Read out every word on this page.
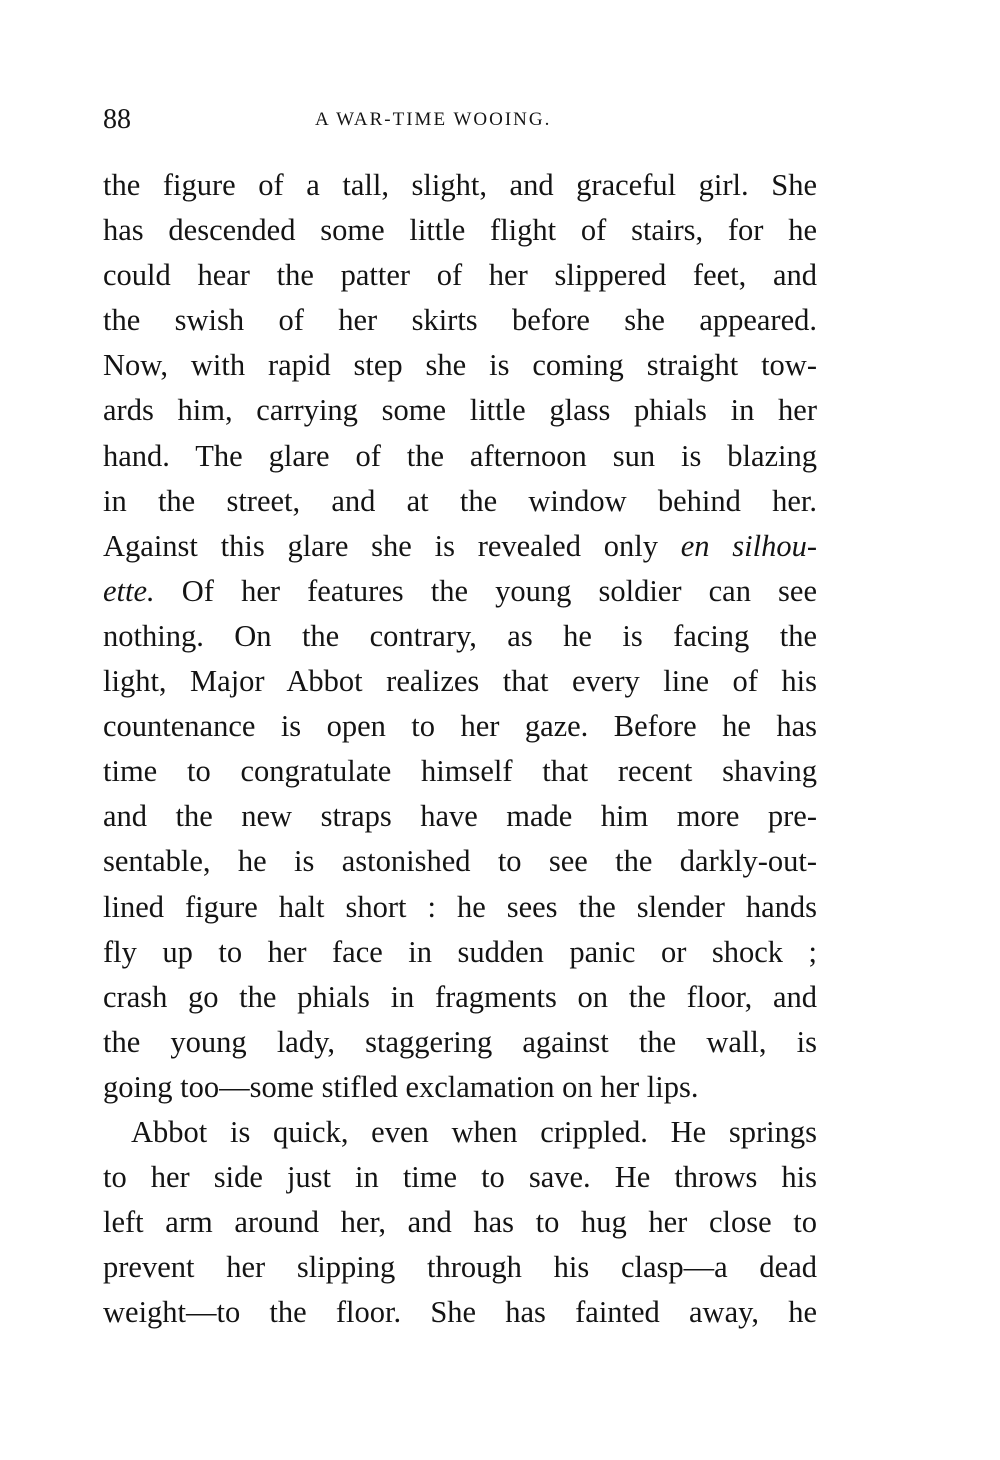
88	A WAR-TIME WOOING.
the figure of a tall, slight, and graceful girl. She
has descended some little flight of stairs, for he
could hear the patter of her slippered feet, and
the swish of her skirts before she appeared.
Now, with rapid step she is coming straight tow-
ards him, carrying some little glass phials in her
hand. The glare of the afternoon sun is blazing
in the street, and at the window behind her.
Against this glare she is revealed only en silhou-
ette. Of her features the young soldier can see
nothing. On the contrary, as he is facing the
light, Major Abbot realizes that every line of his
countenance is open to her gaze. Before he has
time to congratulate himself that recent shaving
and the new straps have made him more pre-
sentable, he is astonished to see the darkly-out-
lined figure halt short : he sees the slender hands
fly up to her face in sudden panic or shock ;
crash go the phials in fragments on the floor, and
the young lady, staggering against the wall, is
going too—some stifled exclamation on her lips.
Abbot is quick, even when crippled. He springs
to her side just in time to save. He throws his
left arm around her, and has to hug her close to
prevent her slipping through his clasp—a dead
weight—to the floor. She has fainted away, he
